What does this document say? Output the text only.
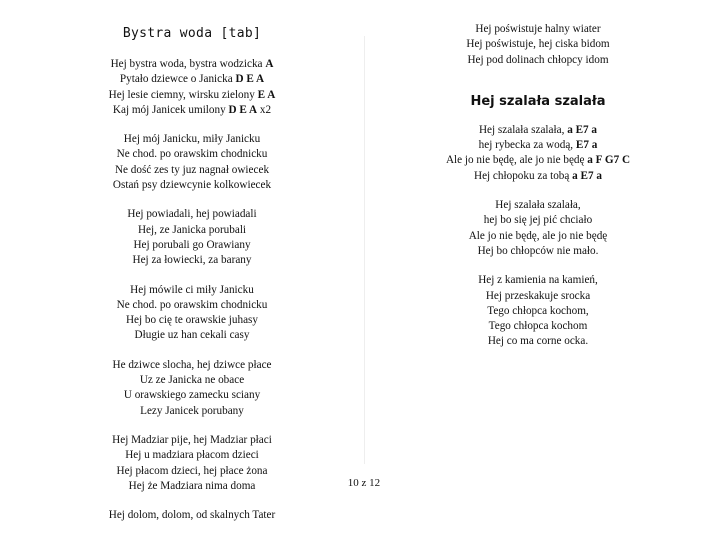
Bystra woda [tab]
Hej bystra woda, bystra wodzicka A
Pytało dziewce o Janicka D E A
Hej lesie ciemny, wirsku zielony E A
Kaj mój Janicek umilony D E A x2
Hej mój Janicku, miły Janicku
Ne chod. po orawskim chodnicku
Ne dość zes ty juz nagnał owiecek
Ostań psy dziewcynie kolkowiecek
Hej powiadali, hej powiadali
Hej, ze Janicka porubali
Hej porubali go Orawiany
Hej za łowiecki, za barany
Hej mówile ci miły Janicku
Ne chod. po orawskim chodnicku
Hej bo cię te orawskie juhasy
Długie uz han cekali casy
He dziwce slocha, hej dziwce płace
Uz ze Janicka ne obace
U orawskiego zamecku sciany
Lezy Janicek porubany
Hej Madziar pije, hej Madziar płaci
Hej u madziara płacom dzieci
Hej płacom dzieci, hej płace żona
Hej że Madziara nima doma
Hej dolom, dolom, od skalnych Tater
Hej poświstuje halny wiater
Hej poświstuje, hej ciska bidom
Hej pod dolinach chłopcy idom
Hej szalała szalała
Hej szalała szalała, a E7 a
hej rybecka za wodą, E7 a
Ale jo nie będę, ale jo nie będę a F G7 C
Hej chłopoku za tobą a E7 a
Hej szalała szalała,
hej bo się jej pić chciało
Ale jo nie będę, ale jo nie będę
Hej bo chłopców nie mało.
Hej z kamienia na kamień,
Hej przeskakuje srocka
Tego chłopca kochom,
Tego chłopca kochom
Hej co ma corne ocka.
10 z 12
